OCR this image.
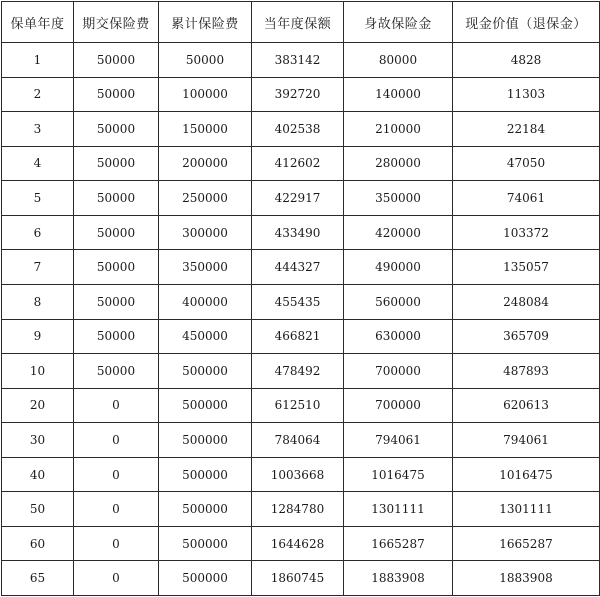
保单年度	期交保险费	累计保险费	当年度保额	身故保险金	现金价值（退保金）
1	50000	50000	383142	80000	4828
2	50000	100000	392720	140000	11303
3	50000	150000	402538	210000	22184
4	50000	200000	412602	280000	47050
5	50000	250000	422917	350000	74061
6	50000	300000	433490	420000	103372
7	50000	350000	444327	490000	135057
8	50000	400000	455435	560000	248084
9	50000	450000	466821	630000	365709
10	50000	500000	478492	700000	487893
20	0	500000	612510	700000	620613
30	0	500000	784064	794061	794061
40	0	500000	1003668	1016475	1016475
50	0	500000	1284780	1301111	1301111
60	0	500000	1644628	1665287	1665287
65	0	500000	1860745	1883908	1883908
